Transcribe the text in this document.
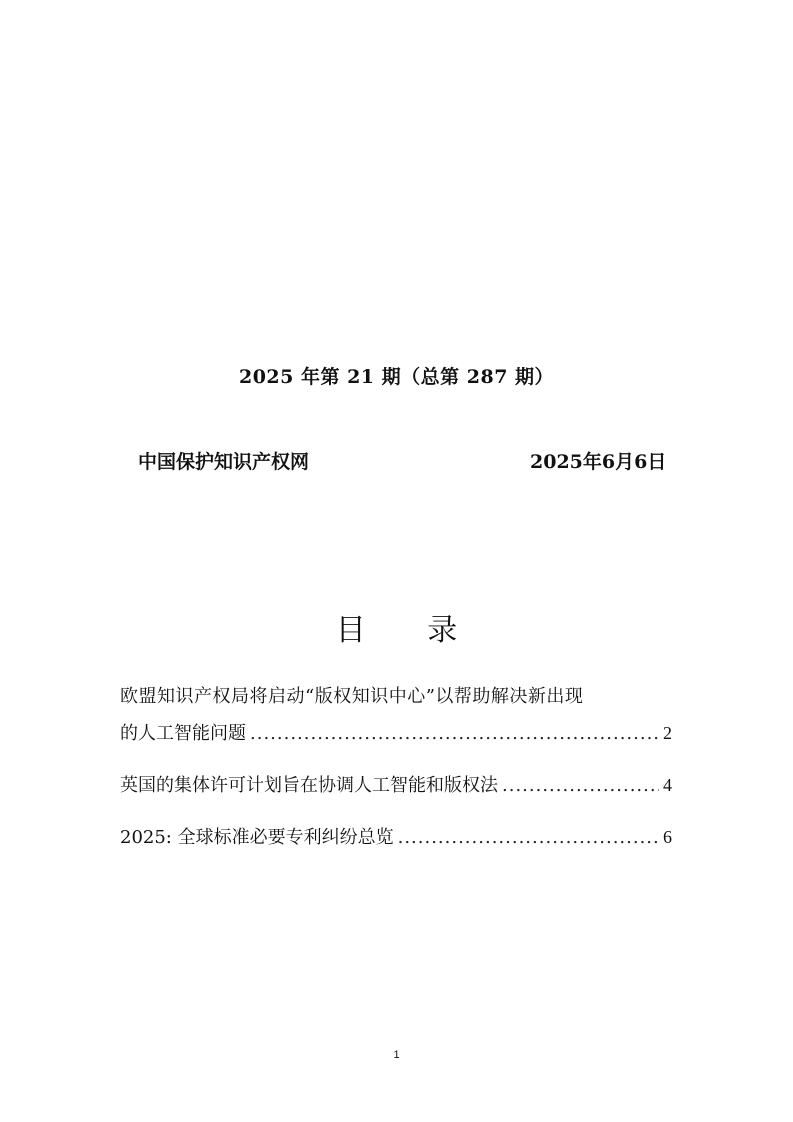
2025 年第 21 期（总第 287 期）
中国保护知识产权网	2025年6月6日
目 录
欧盟知识产权局将启动“版权知识中心”以帮助解决新出现
的人工智能问题 .....	2
英国的集体许可计划旨在协调人工智能和版权法 .....	4
2025: 全球标准必要专利纠纷总览 .....	6
1
